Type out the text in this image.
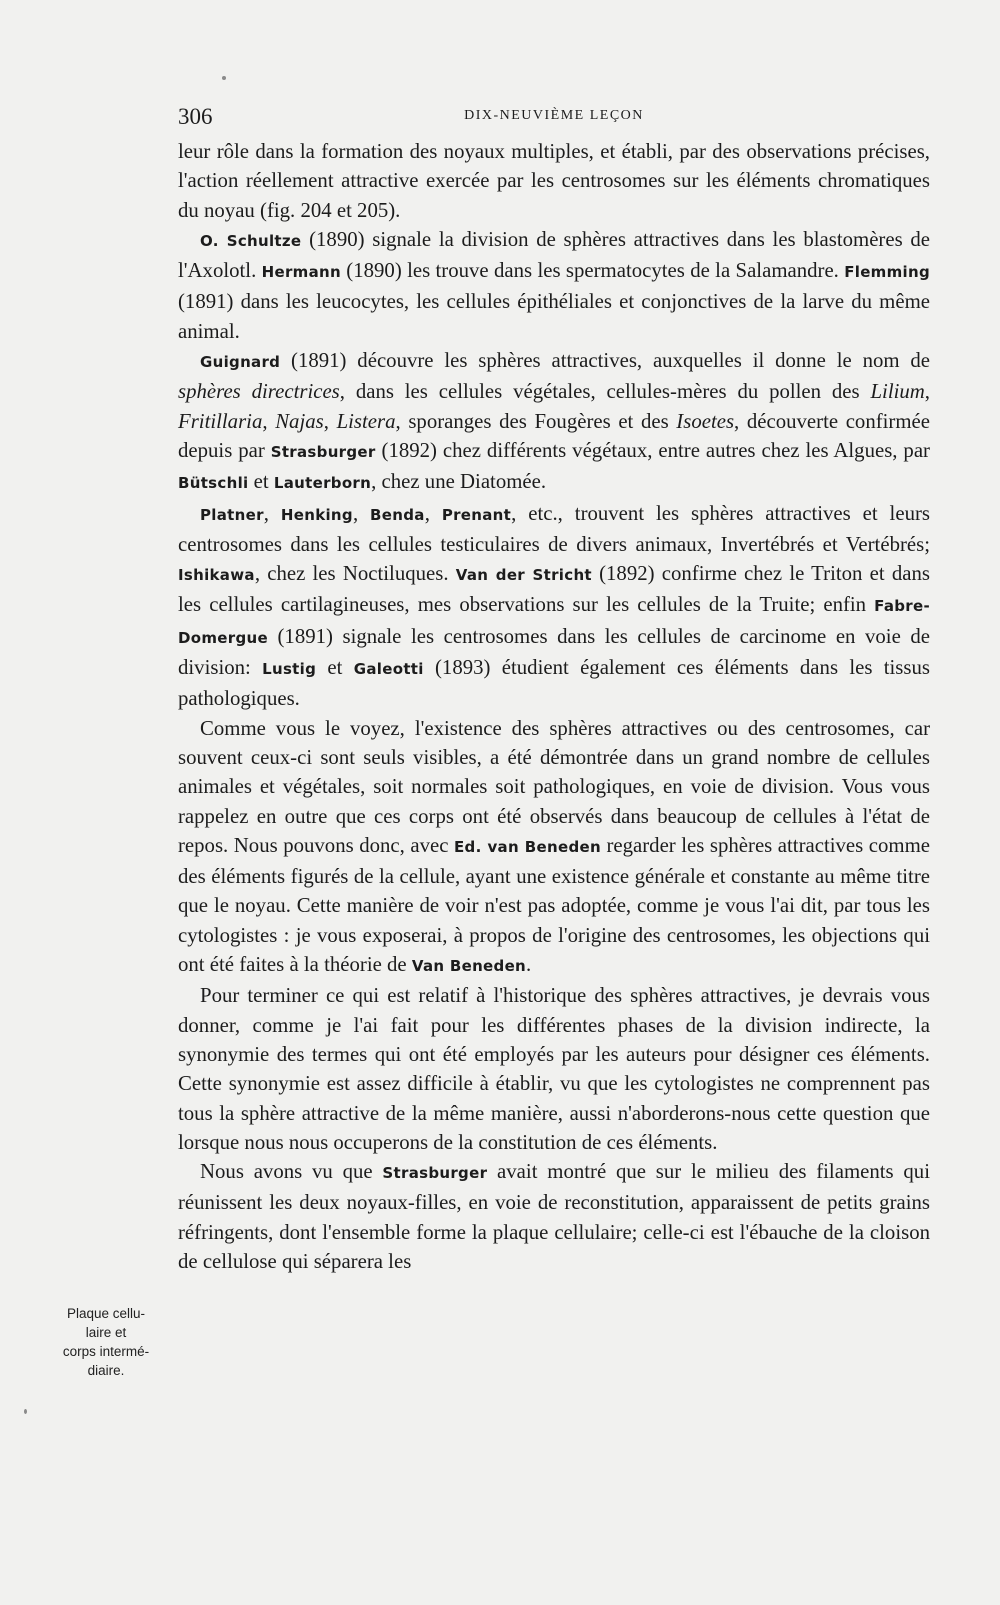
306	DIX-NEUVIÈME LEÇON

leur rôle dans la formation des noyaux multiples, et établi, par des observations précises, l'action réellement attractive exercée par les centrosomes sur les éléments chromatiques du noyau (fig. 204 et 205).

O. Schultze (1890) signale la division de sphères attractives dans les blastomères de l'Axolotl. Hermann (1890) les trouve dans les spermatocytes de la Salamandre. Flemming (1891) dans les leucocytes, les cellules épithéliales et conjonctives de la larve du même animal.

Guignard (1891) découvre les sphères attractives, auxquelles il donne le nom de sphères directrices, dans les cellules végétales, cellules-mères du pollen des Lilium, Fritillaria, Najas, Listera, sporanges des Fougères et des Isoetes, découverte confirmée depuis par Strasburger (1892) chez différents végétaux, entre autres chez les Algues, par Bütschli et Lauterborn, chez une Diatomée.

Platner, Henking, Benda, Prenant, etc., trouvent les sphères attractives et leurs centrosomes dans les cellules testiculaires de divers animaux, Invertébrés et Vertébrés; Ishikawa, chez les Noctiluques. Van der Stricht (1892) confirme chez le Triton et dans les cellules cartilagineuses, mes observations sur les cellules de la Truite; enfin Fabre-Domergue (1891) signale les centrosomes dans les cellules de carcinome en voie de division: Lustig et Galeotti (1893) étudient également ces éléments dans les tissus pathologiques.

Comme vous le voyez, l'existence des sphères attractives ou des centrosomes, car souvent ceux-ci sont seuls visibles, a été démontrée dans un grand nombre de cellules animales et végétales, soit normales soit pathologiques, en voie de division. Vous vous rappelez en outre que ces corps ont été observés dans beaucoup de cellules à l'état de repos. Nous pouvons donc, avec Ed. van Beneden regarder les sphères attractives comme des éléments figurés de la cellule, ayant une existence générale et constante au même titre que le noyau. Cette manière de voir n'est pas adoptée, comme je vous l'ai dit, par tous les cytologistes : je vous exposerai, à propos de l'origine des centrosomes, les objections qui ont été faites à la théorie de Van Beneden.

Pour terminer ce qui est relatif à l'historique des sphères attractives, je devrais vous donner, comme je l'ai fait pour les différentes phases de la division indirecte, la synonymie des termes qui ont été employés par les auteurs pour désigner ces éléments. Cette synonymie est assez difficile à établir, vu que les cytologistes ne comprennent pas tous la sphère attractive de la même manière, aussi n'aborderons-nous cette question que lorsque nous nous occuperons de la constitution de ces éléments.

Nous avons vu que Strasburger avait montré que sur le milieu des filaments qui réunissent les deux noyaux-filles, en voie de reconstitution, apparaissent de petits grains réfringents, dont l'ensemble forme la plaque cellulaire; celle-ci est l'ébauche de la cloison de cellulose qui séparera les

Plaque cellu-
laire et
corps intermé-
diaire.
